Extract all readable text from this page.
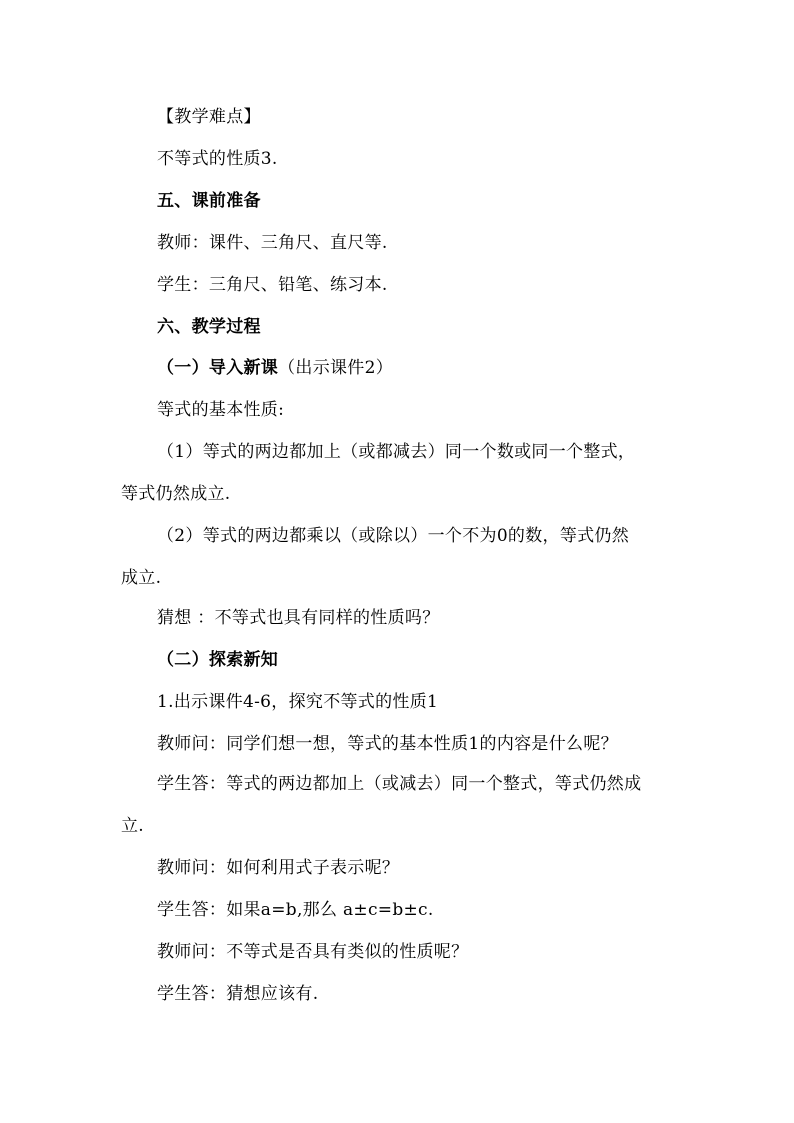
【教学难点】
不等式的性质3.
五、课前准备
教师：课件、三角尺、直尺等.
学生：三角尺、铅笔、练习本.
六、教学过程
（一）导入新课（出示课件2）
等式的基本性质:
（1）等式的两边都加上（或都减去）同一个数或同一个整式，
等式仍然成立.
（2）等式的两边都乘以（或除以）一个不为0的数，等式仍然
成立.
猜想 ：不等式也具有同样的性质吗？
（二）探索新知
1.出示课件4-6，探究不等式的性质1
教师问：同学们想一想，等式的基本性质1的内容是什么呢？
学生答：等式的两边都加上（或减去）同一个整式，等式仍然成
立.
教师问：如何利用式子表示呢？
学生答：如果a=b,那么 a±c=b±c.
教师问：不等式是否具有类似的性质呢？
学生答：猜想应该有.
